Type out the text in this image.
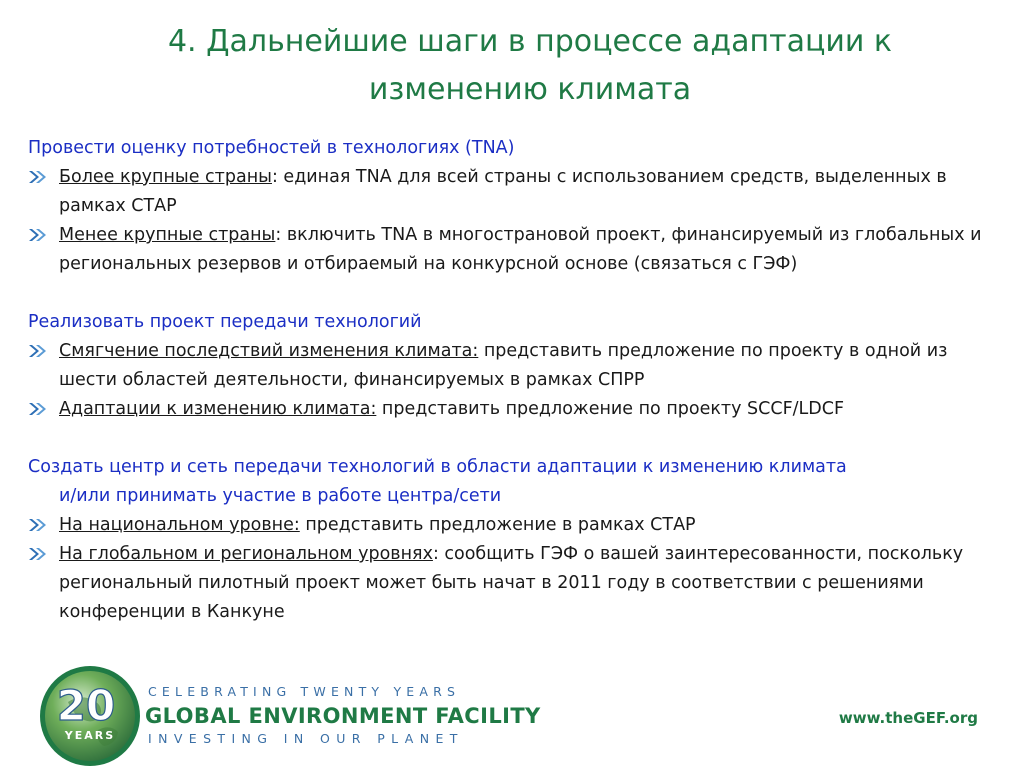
4. Дальнейшие шаги в процессе адаптации к
изменению климата

Провести оценку потребностей в технологиях (TNA)

Более крупные страны: единая TNA для всей страны с использованием средств, выделенных в рамках СТАР

Менее крупные страны: включить TNA в многострановой проект, финансируемый из глобальных и региональных резервов и отбираемый на конкурсной основе (связаться с ГЭФ)

Реализовать проект передачи технологий

Смягчение последствий изменения климата: представить предложение по проекту в одной из шести областей деятельности, финансируемых в рамках СПРР

Адаптации к изменению климата: представить предложение по проекту SCCF/LDCF

Создать центр и сеть передачи технологий в области адаптации к изменению климата
и/или принимать участие в работе центра/сети

На национальном уровне: представить предложение в рамках СТАР

На глобальном и региональном уровнях: сообщить ГЭФ о вашей заинтересованности, поскольку региональный пилотный проект может быть начат в 2011 году в соответствии с решениями конференции в Канкуне

20
YEARS
CELEBRATING TWENTY YEARS
GLOBAL ENVIRONMENT FACILITY
INVESTING IN OUR PLANET
www.theGEF.org
